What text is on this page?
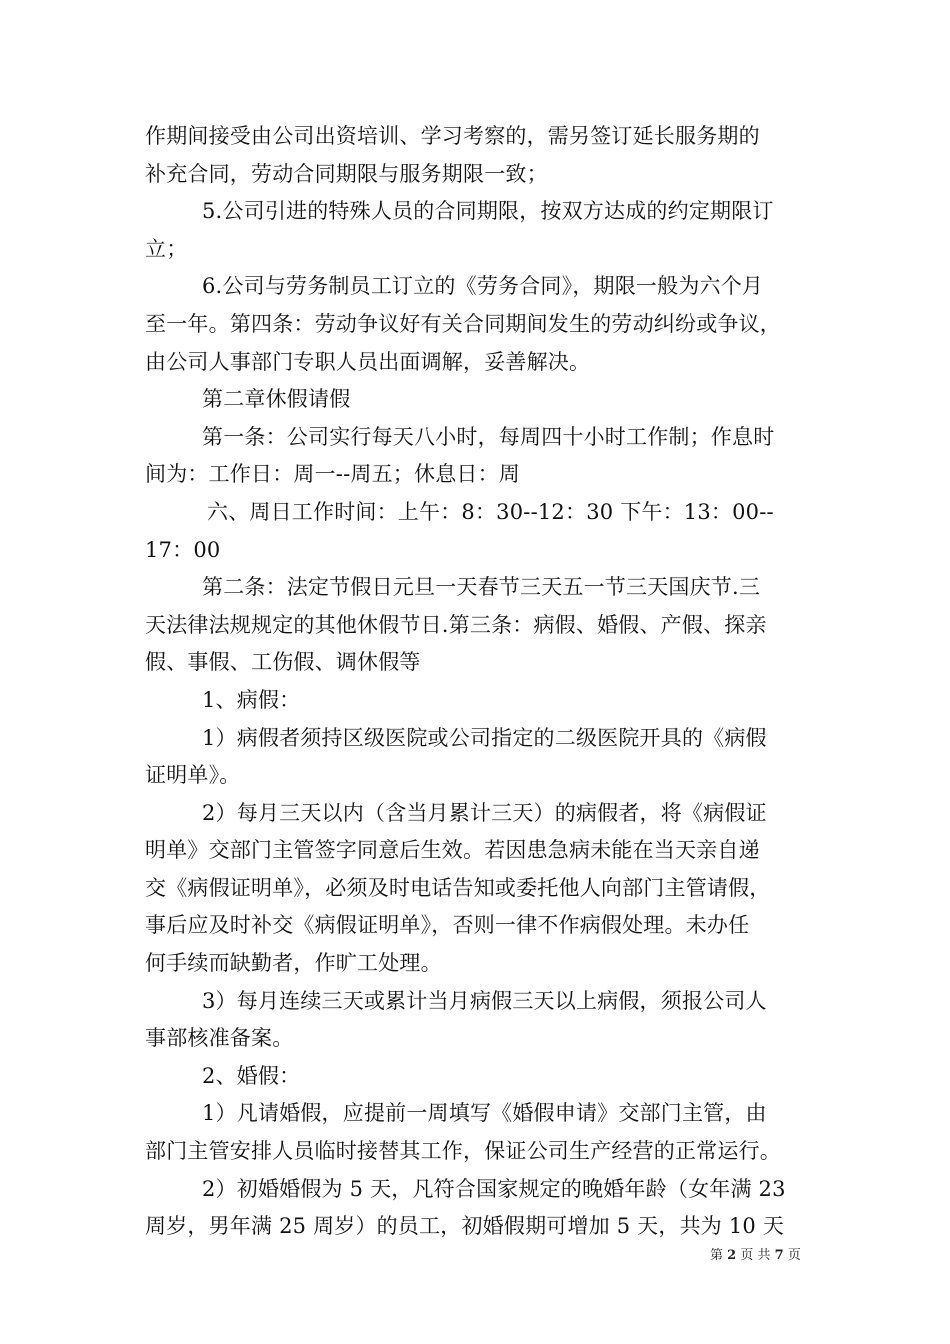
作期间接受由公司出资培训、学习考察的，需另签订延长服务期的
补充合同，劳动合同期限与服务期限一致；
5.公司引进的特殊人员的合同期限，按双方达成的约定期限订
立；
6.公司与劳务制员工订立的《劳务合同》，期限一般为六个月
至一年。第四条：劳动争议好有关合同期间发生的劳动纠纷或争议，
由公司人事部门专职人员出面调解，妥善解决。
第二章休假请假
第一条：公司实行每天八小时，每周四十小时工作制；作息时
间为：工作日：周一--周五；休息日：周
六、周日工作时间：上午：8：30--12：30 下午：13：00--
17：00
第二条：法定节假日元旦一天春节三天五一节三天国庆节.三
天法律法规规定的其他休假节日.第三条：病假、婚假、产假、探亲
假、事假、工伤假、调休假等
1、病假：
1）病假者须持区级医院或公司指定的二级医院开具的《病假
证明单》。
2）每月三天以内（含当月累计三天）的病假者，将《病假证
明单》交部门主管签字同意后生效。若因患急病未能在当天亲自递
交《病假证明单》，必须及时电话告知或委托他人向部门主管请假，
事后应及时补交《病假证明单》，否则一律不作病假处理。未办任
何手续而缺勤者，作旷工处理。
3）每月连续三天或累计当月病假三天以上病假，须报公司人
事部核准备案。
2、婚假：
1）凡请婚假，应提前一周填写《婚假申请》交部门主管，由
部门主管安排人员临时接替其工作，保证公司生产经营的正常运行。
2）初婚婚假为 5 天，凡符合国家规定的晚婚年龄（女年满 23
周岁，男年满 25 周岁）的员工，初婚假期可增加 5 天，共为 10 天
第 2 页 共 7 页
